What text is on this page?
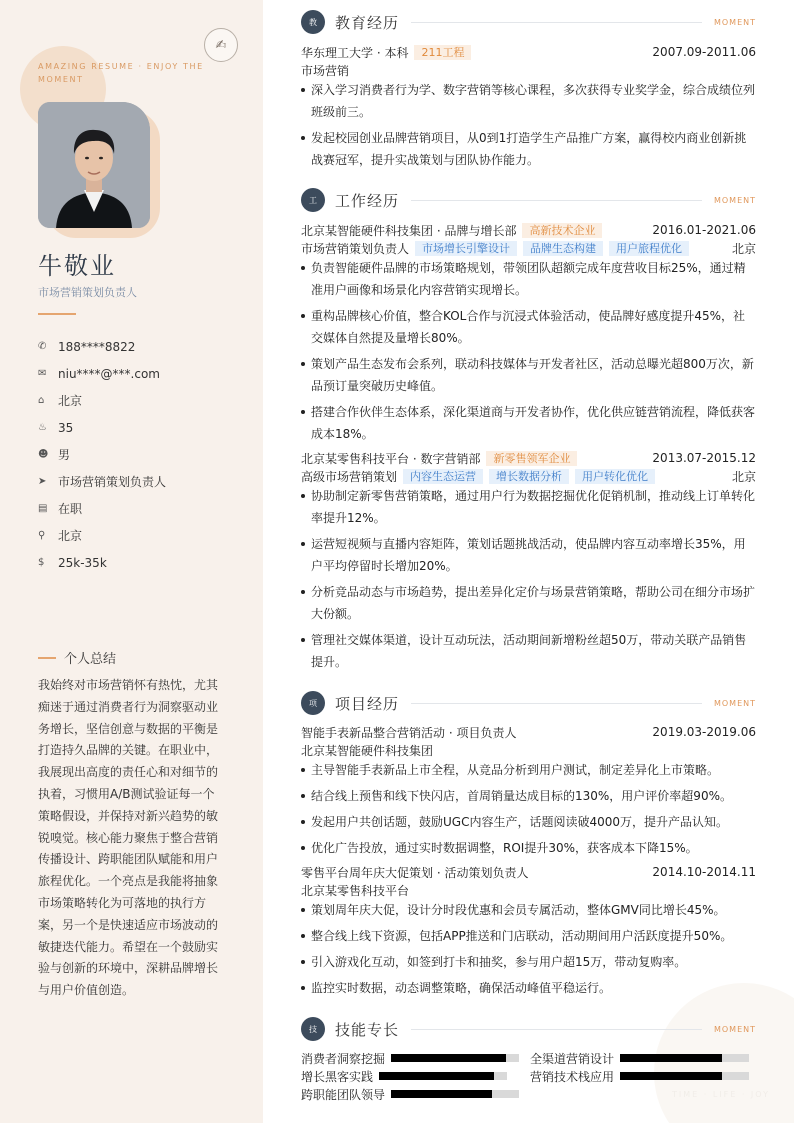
AMAZING RESUME · ENJOY THE MOMENT
✍
牛敬业
市场营销策划负责人
✆ 188****8822
✉ niu****@***.com
⌂	北京
♨ 35
☻ 男
➤ 市场营销策划负责人
▤ 在职
⚲	北京
$	25k-35k
个人总结
我始终对市场营销怀有热忱，尤其痴迷于通过消费者行为洞察驱动业务增长，坚信创意与数据的平衡是打造持久品牌的关键。在职业中，我展现出高度的责任心和对细节的执着，习惯用A/B测试验证每一个策略假设，并保持对新兴趋势的敏锐嗅觉。核心能力聚焦于整合营销传播设计、跨职能团队赋能和用户旅程优化。一个亮点是我能将抽象市场策略转化为可落地的执行方案，另一个是快速适应市场波动的敏捷迭代能力。希望在一个鼓励实验与创新的环境中，深耕品牌增长与用户价值创造。
TIME · LIFE · JOY
教	教育经历	MOMENT
华东理工大学 · 本科	211工程	2007.09-2011.06
市场营销
深入学习消费者行为学、数字营销等核心课程，多次获得专业奖学金，综合成绩位列班级前三。
发起校园创业品牌营销项目，从0到1打造学生产品推广方案，赢得校内商业创新挑战赛冠军，提升实战策划与团队协作能力。
工	工作经历	MOMENT
北京某智能硬件科技集团 · 品牌与增长部	高新技术企业	2016.01-2021.06
市场营销策划负责人	市场增长引擎设计	品牌生态构建	用户旅程优化	北京
负责智能硬件品牌的市场策略规划，带领团队超额完成年度营收目标25%，通过精准用户画像和场景化内容营销实现增长。
重构品牌核心价值，整合KOL合作与沉浸式体验活动，使品牌好感度提升45%，社交媒体自然提及量增长80%。
策划产品生态发布会系列，联动科技媒体与开发者社区，活动总曝光超800万次，新品预订量突破历史峰值。
搭建合作伙伴生态体系，深化渠道商与开发者协作，优化供应链营销流程，降低获客成本18%。
北京某零售科技平台 · 数字营销部	新零售领军企业	2013.07-2015.12
高级市场营销策划	内容生态运营	增长数据分析	用户转化优化	北京
协助制定新零售营销策略，通过用户行为数据挖掘优化促销机制，推动线上订单转化率提升12%。
运营短视频与直播内容矩阵，策划话题挑战活动，使品牌内容互动率增长35%，用户平均停留时长增加20%。
分析竞品动态与市场趋势，提出差异化定价与场景营销策略，帮助公司在细分市场扩大份额。
管理社交媒体渠道，设计互动玩法，活动期间新增粉丝超50万，带动关联产品销售提升。
项	项目经历	MOMENT
智能手表新品整合营销活动 · 项目负责人	2019.03-2019.06
北京某智能硬件科技集团
主导智能手表新品上市全程，从竞品分析到用户测试，制定差异化上市策略。
结合线上预售和线下快闪店，首周销量达成目标的130%，用户评价率超90%。
发起用户共创话题，鼓励UGC内容生产，话题阅读破4000万，提升产品认知。
优化广告投放，通过实时数据调整，ROI提升30%，获客成本下降15%。
零售平台周年庆大促策划 · 活动策划负责人	2014.10-2014.11
北京某零售科技平台
策划周年庆大促，设计分时段优惠和会员专属活动，整体GMV同比增长45%。
整合线上线下资源，包括APP推送和门店联动，活动期间用户活跃度提升50%。
引入游戏化互动，如签到打卡和抽奖，参与用户超15万，带动复购率。
监控实时数据，动态调整策略，确保活动峰值平稳运行。
技	技能专长	MOMENT
消费者洞察挖掘	全渠道营销设计
增长黑客实践	营销技术栈应用
跨职能团队领导
